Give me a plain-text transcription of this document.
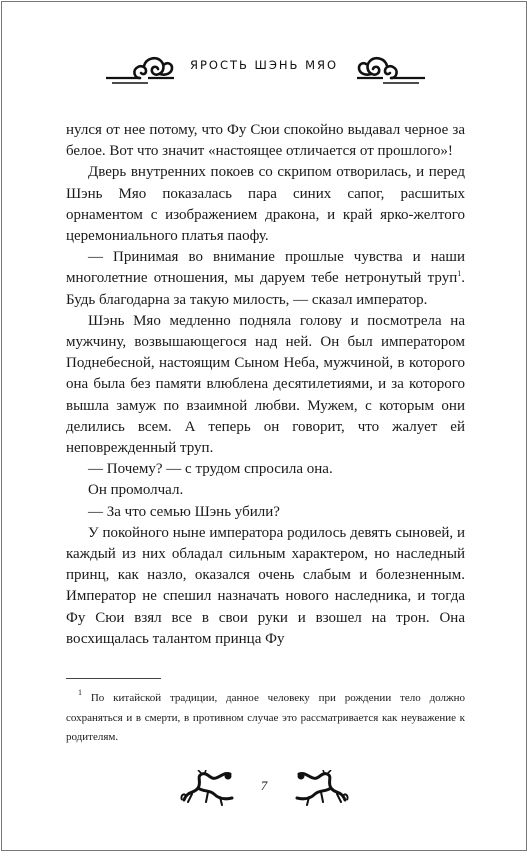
ЯРОСТЬ ШЭНЬ МЯО

нулся от нее потому, что Фу Сюи спокойно выдавал черное за белое. Вот что значит «настоящее отличается от прошлого»!

Дверь внутренних покоев со скрипом отворилась, и перед Шэнь Мяо показалась пара синих сапог, расшитых орнаментом с изображением дракона, и край ярко-желтого церемониального платья паофу.

— Принимая во внимание прошлые чувства и наши многолетние отношения, мы даруем тебе нетронутый труп$^1$. Будь благодарна за такую милость, — сказал император.

Шэнь Мяо медленно подняла голову и посмотрела на мужчину, возвышающегося над ней. Он был императором Поднебесной, настоящим Сыном Неба, мужчиной, в которого она была без памяти влюблена десятилетиями, и за которого вышла замуж по взаимной любви. Мужем, с которым они делились всем. А теперь он говорит, что жалует ей неповрежденный труп.

— Почему? — с трудом спросила она.

Он промолчал.

— За что семью Шэнь убили?

У покойного ныне императора родилось девять сыновей, и каждый из них обладал сильным характером, но наследный принц, как назло, оказался очень слабым и болезненным. Император не спешил назначать нового наследника, и тогда Фу Сюи взял все в свои руки и взошел на трон. Она восхищалась талантом принца Фу

$^1$ По китайской традиции, данное человеку при рождении тело должно сохраняться и в смерти, в противном случае это рассматривается как неуважение к родителям.

7
